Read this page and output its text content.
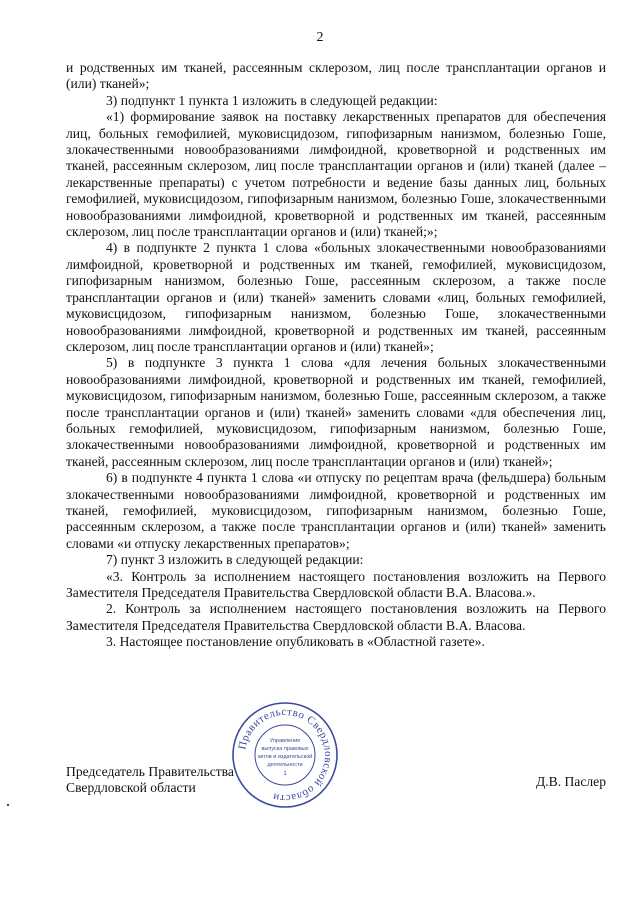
2

и родственных им тканей, рассеянным склерозом, лиц после трансплантации органов и (или) тканей»;

3) подпункт 1 пункта 1 изложить в следующей редакции:

«1) формирование заявок на поставку лекарственных препаратов для обеспечения лиц, больных гемофилией, муковисцидозом, гипофизарным нанизмом, болезнью Гоше, злокачественными новообразованиями лимфоидной, кроветворной и родственных им тканей, рассеянным склерозом, лиц после трансплантации органов и (или) тканей (далее – лекарственные препараты) с учетом потребности и ведение базы данных лиц, больных гемофилией, муковисцидозом, гипофизарным нанизмом, болезнью Гоше, злокачественными новообразованиями лимфоидной, кроветворной и родственных им тканей, рассеянным склерозом, лиц после трансплантации органов и (или) тканей;»;

4) в подпункте 2 пункта 1 слова «больных злокачественными новообразованиями лимфоидной, кроветворной и родственных им тканей, гемофилией, муковисцидозом, гипофизарным нанизмом, болезнью Гоше, рассеянным склерозом, а также после трансплантации органов и (или) тканей» заменить словами «лиц, больных гемофилией, муковисцидозом, гипофизарным нанизмом, болезнью Гоше, злокачественными новообразованиями лимфоидной, кроветворной и родственных им тканей, рассеянным склерозом, лиц после трансплантации органов и (или) тканей»;

5) в подпункте 3 пункта 1 слова «для лечения больных злокачественными новообразованиями лимфоидной, кроветворной и родственных им тканей, гемофилией, муковисцидозом, гипофизарным нанизмом, болезнью Гоше, рассеянным склерозом, а также после трансплантации органов и (или) тканей» заменить словами «для обеспечения лиц, больных гемофилией, муковисцидозом, гипофизарным нанизмом, болезнью Гоше, злокачественными новообразованиями лимфоидной, кроветворной и родственных им тканей, рассеянным склерозом, лиц после трансплантации органов и (или) тканей»;

6) в подпункте 4 пункта 1 слова «и отпуску по рецептам врача (фельдшера) больным злокачественными новообразованиями лимфоидной, кроветворной и родственных им тканей, гемофилией, муковисцидозом, гипофизарным нанизмом, болезнью Гоше, рассеянным склерозом, а также после трансплантации органов и (или) тканей» заменить словами «и отпуску лекарственных препаратов»;

7) пункт 3 изложить в следующей редакции:

«3. Контроль за исполнением настоящего постановления возложить на Первого Заместителя Председателя Правительства Свердловской области В.А. Власова.».

2. Контроль за исполнением настоящего постановления возложить на Первого Заместителя Председателя Правительства Свердловской области В.А. Власова.

3. Настоящее постановление опубликовать в «Областной газете».

Правительство Свердловской области
Управление
выпуска правовых
актов и издательской
деятельности
1
Председатель Правительства
Свердловской области	Д.В. Паслер
